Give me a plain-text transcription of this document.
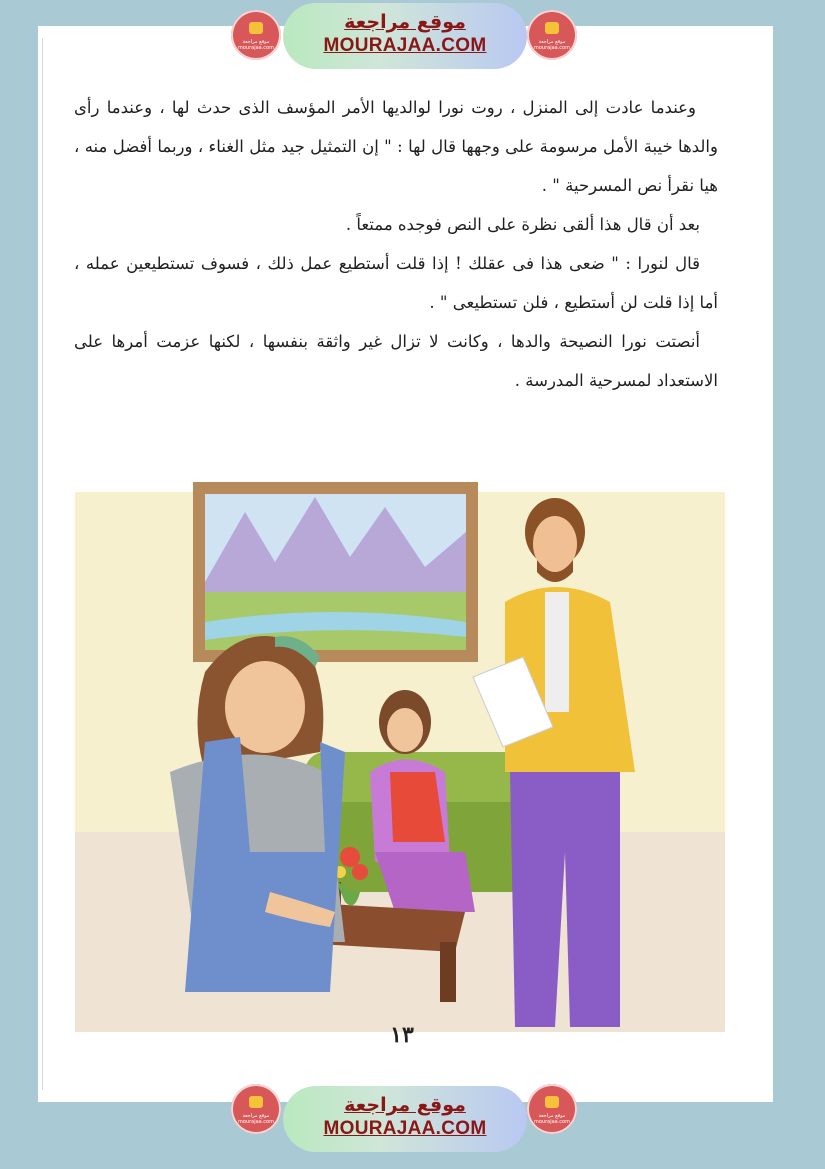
موقع مراجعة mourajaa.com
موقع مراجعة
MOURAJAA.COM	موقع مراجعة mourajaa.com

وعندما عادت إلى المنزل ، روت نورا لوالديها الأمر المؤسف الذى حدث لها ، وعندما رأى والدها خيبة الأمل مرسومة على وجهها قال لها : " إن التمثيل جيد مثل الغناء ، وربما أفضل منه ، هيا نقرأ نص المسرحية " .

بعد أن قال هذا ألقى نظرة على النص فوجده ممتعاً .

قال لنورا : " ضعى هذا فى عقلك ! إذا قلت أستطيع عمل ذلك ، فسوف تستطيعين عمله ، أما إذا قلت لن أستطيع ، فلن تستطيعى " .

أنصتت نورا النصيحة والدها ، وكانت لا تزال غير واثقة بنفسها ، لكنها عزمت أمرها على الاستعداد لمسرحية المدرسة .

١٣
موقع مراجعة mourajaa.com
موقع مراجعة
MOURAJAA.COM
موقع مراجعة mourajaa.com
